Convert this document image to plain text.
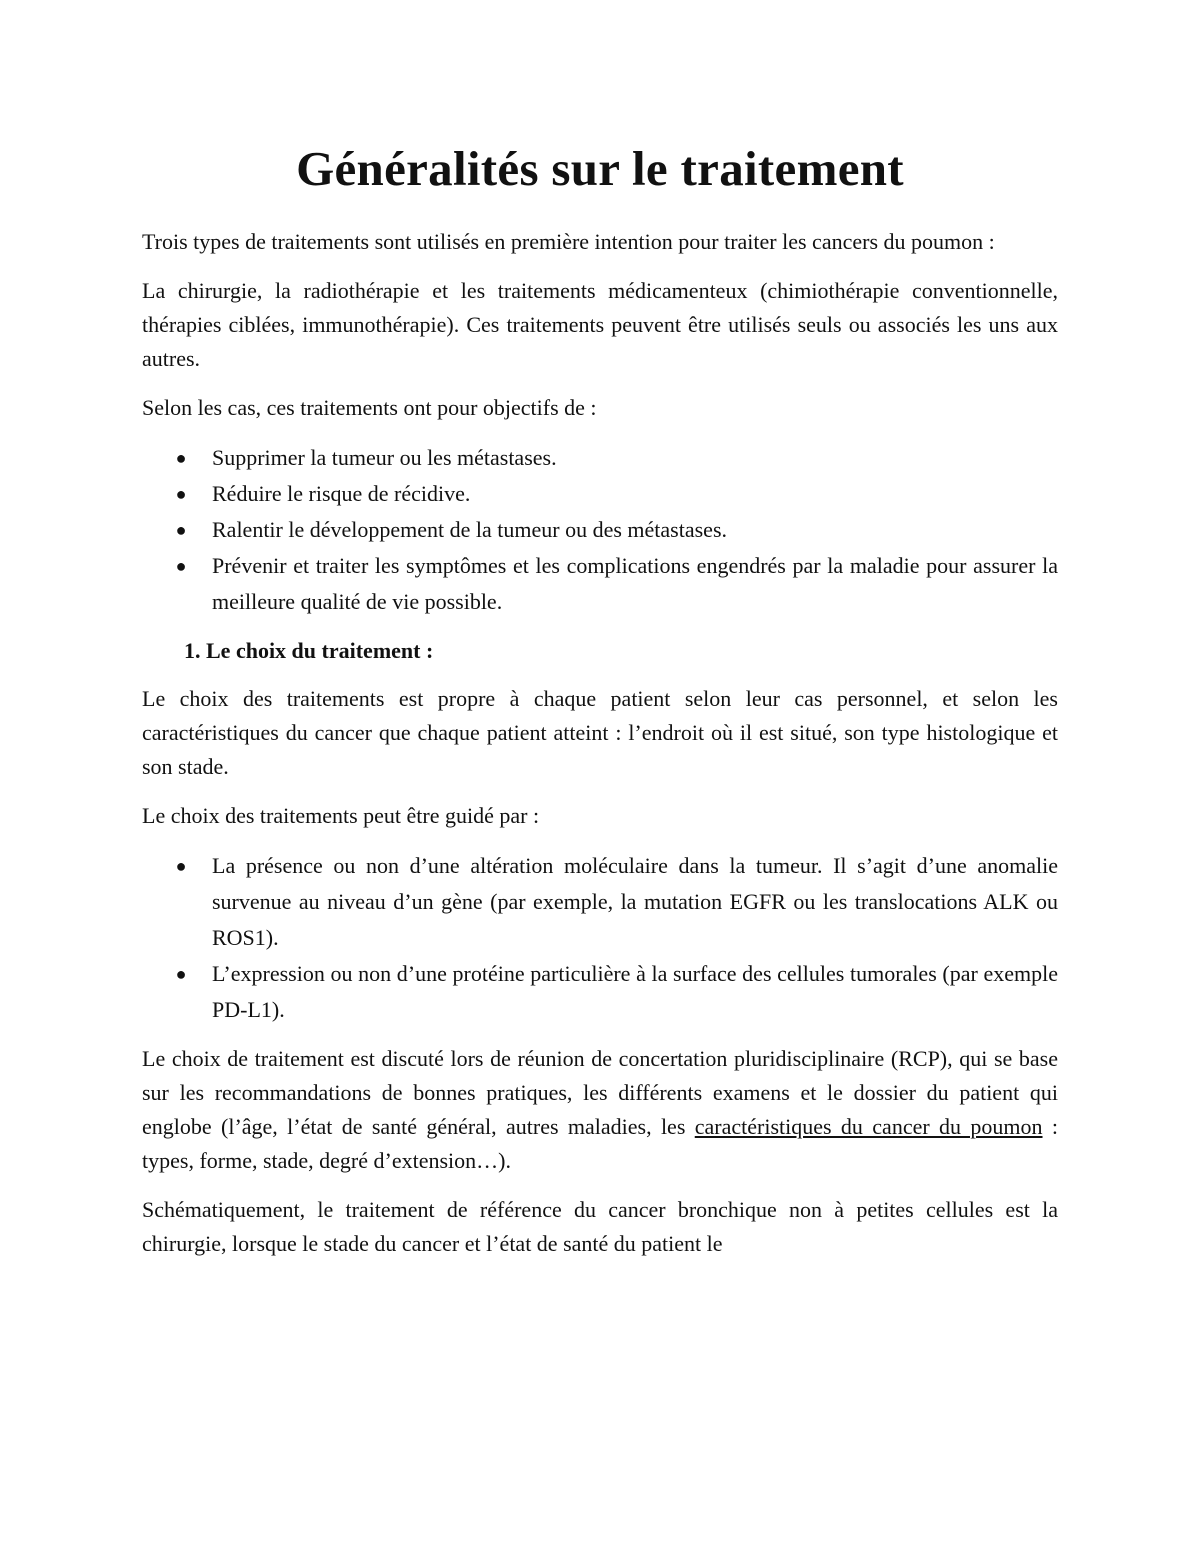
Généralités sur le traitement

Trois types de traitements sont utilisés en première intention pour traiter les cancers du poumon :

La chirurgie, la radiothérapie et les traitements médicamenteux (chimiothérapie conventionnelle, thérapies ciblées, immunothérapie). Ces traitements peuvent être utilisés seuls ou associés les uns aux autres.

Selon les cas, ces traitements ont pour objectifs de :

● Supprimer la tumeur ou les métastases.
● Réduire le risque de récidive.
● Ralentir le développement de la tumeur ou des métastases.
● Prévenir et traiter les symptômes et les complications engendrés par la maladie pour assurer la meilleure qualité de vie possible.
1. Le choix du traitement :

Le choix des traitements est propre à chaque patient selon leur cas personnel, et selon les caractéristiques du cancer que chaque patient atteint : l’endroit où il est situé, son type histologique et son stade.

Le choix des traitements peut être guidé par :

● La présence ou non d’une altération moléculaire dans la tumeur. Il s’agit d’une anomalie survenue au niveau d’un gène (par exemple, la mutation EGFR ou les translocations ALK ou ROS1).
● L’expression ou non d’une protéine particulière à la surface des cellules tumorales (par exemple PD-L1).

Le choix de traitement est discuté lors de réunion de concertation pluridisciplinaire (RCP), qui se base sur les recommandations de bonnes pratiques, les différents examens et le dossier du patient qui englobe (l’âge, l’état de santé général, autres maladies, les caractéristiques du cancer du poumon : types, forme, stade, degré d’extension…).

Schématiquement, le traitement de référence du cancer bronchique non à petites cellules est la chirurgie, lorsque le stade du cancer et l’état de santé du patient le
